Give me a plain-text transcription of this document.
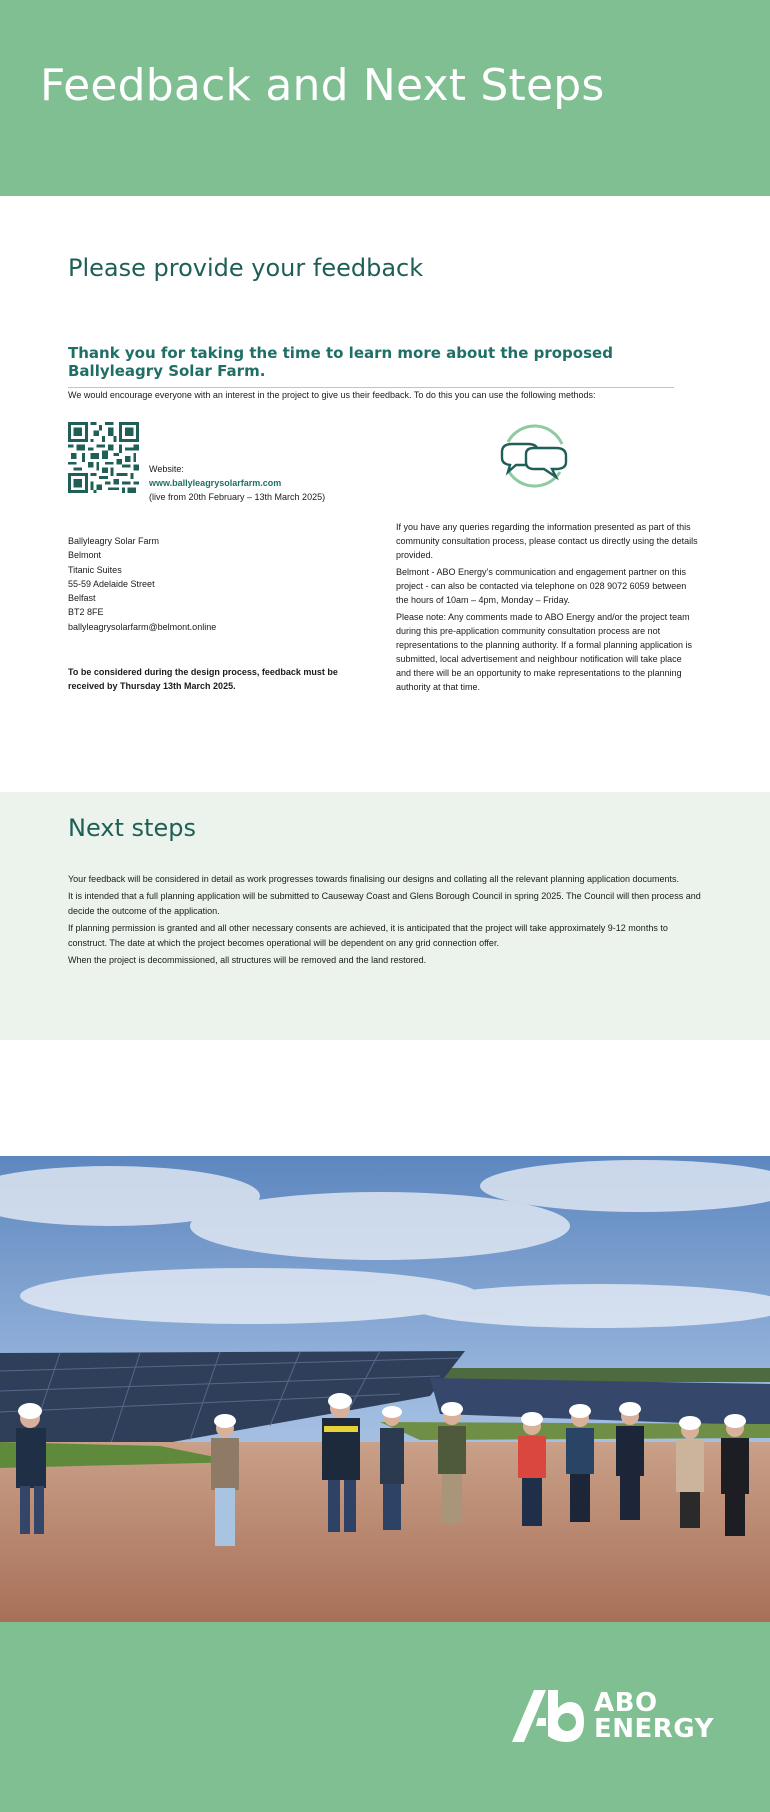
Feedback and Next Steps
Please provide your feedback
Thank you for taking the time to learn more about the proposed Ballyleagry Solar Farm.

We would encourage everyone with an interest in the project to give us their feedback. To do this you can use the following methods:

Website:
www.ballyleagrysolarfarm.com
(live from 20th February – 13th March 2025)
Ballyleagry Solar Farm
Belmont
Titanic Suites
55-59 Adelaide Street
Belfast
BT2 8FE
ballyleagrysolarfarm@belmont.online

To be considered during the design process, feedback must be received by Thursday 13th March 2025.

If you have any queries regarding the information presented as part of this community consultation process, please contact us directly using the details provided.

Belmont - ABO Energy’s communication and engagement partner on this project - can also be contacted via telephone on 028 9072 6059 between the hours of 10am – 4pm, Monday – Friday.

Please note: Any comments made to ABO Energy and/or the project team during this pre-application community consultation process are not representations to the planning authority. If a formal planning application is submitted, local advertisement and neighbour notification will take place and there will be an opportunity to make representations to the planning authority at that time.

Next steps

Your feedback will be considered in detail as work progresses towards finalising our designs and collating all the relevant planning application documents.

It is intended that a full planning application will be submitted to Causeway Coast and Glens Borough Council in spring 2025. The Council will then process and decide the outcome of the application.

If planning permission is granted and all other necessary consents are achieved, it is anticipated that the project will take approximately 9-12 months to construct. The date at which the project becomes operational will be dependent on any grid connection offer.

When the project is decommissioned, all structures will be removed and the land restored.

ABO
ENERGY
